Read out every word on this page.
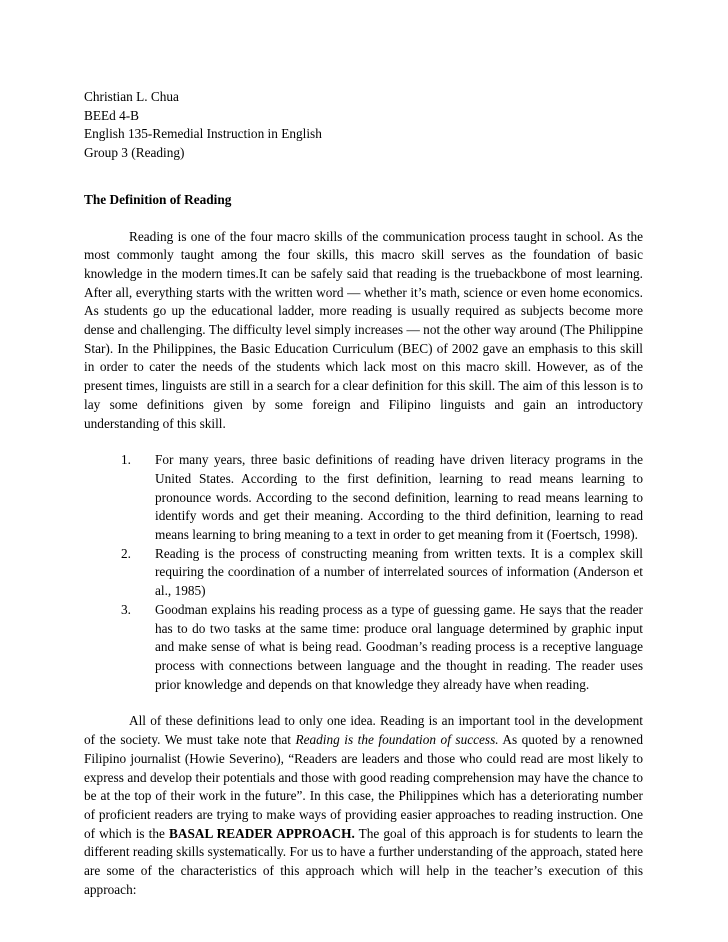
Christian L. Chua
BEEd 4-B
English 135-Remedial Instruction in English
Group 3 (Reading)
The Definition of Reading

Reading is one of the four macro skills of the communication process taught in school. As the most commonly taught among the four skills, this macro skill serves as the foundation of basic knowledge in the modern times.It can be safely said that reading is the truebackbone of most learning. After all, everything starts with the written word — whether it’s math, science or even home economics. As students go up the educational ladder, more reading is usually required as subjects become more dense and challenging. The difficulty level simply increases — not the other way around (The Philippine Star). In the Philippines, the Basic Education Curriculum (BEC) of 2002 gave an emphasis to this skill in order to cater the needs of the students which lack most on this macro skill. However, as of the present times, linguists are still in a search for a clear definition for this skill. The aim of this lesson is to lay some definitions given by some foreign and Filipino linguists and gain an introductory understanding of this skill.

1. For many years, three basic definitions of reading have driven literacy programs in the United States. According to the first definition, learning to read means learning to pronounce words. According to the second definition, learning to read means learning to identify words and get their meaning. According to the third definition, learning to read means learning to bring meaning to a text in order to get meaning from it (Foertsch, 1998).
2. Reading is the process of constructing meaning from written texts. It is a complex skill requiring the coordination of a number of interrelated sources of information (Anderson et al., 1985)
3. Goodman explains his reading process as a type of guessing game. He says that the reader has to do two tasks at the same time: produce oral language determined by graphic input and make sense of what is being read. Goodman’s reading process is a receptive language process with connections between language and the thought in reading. The reader uses prior knowledge and depends on that knowledge they already have when reading.

All of these definitions lead to only one idea. Reading is an important tool in the development of the society. We must take note that Reading is the foundation of success. As quoted by a renowned Filipino journalist (Howie Severino), “Readers are leaders and those who could read are most likely to express and develop their potentials and those with good reading comprehension may have the chance to be at the top of their work in the future”. In this case, the Philippines which has a deteriorating number of proficient readers are trying to make ways of providing easier approaches to reading instruction. One of which is the BASAL READER APPROACH. The goal of this approach is for students to learn the different reading skills systematically. For us to have a further understanding of the approach, stated here are some of the characteristics of this approach which will help in the teacher’s execution of this approach:
